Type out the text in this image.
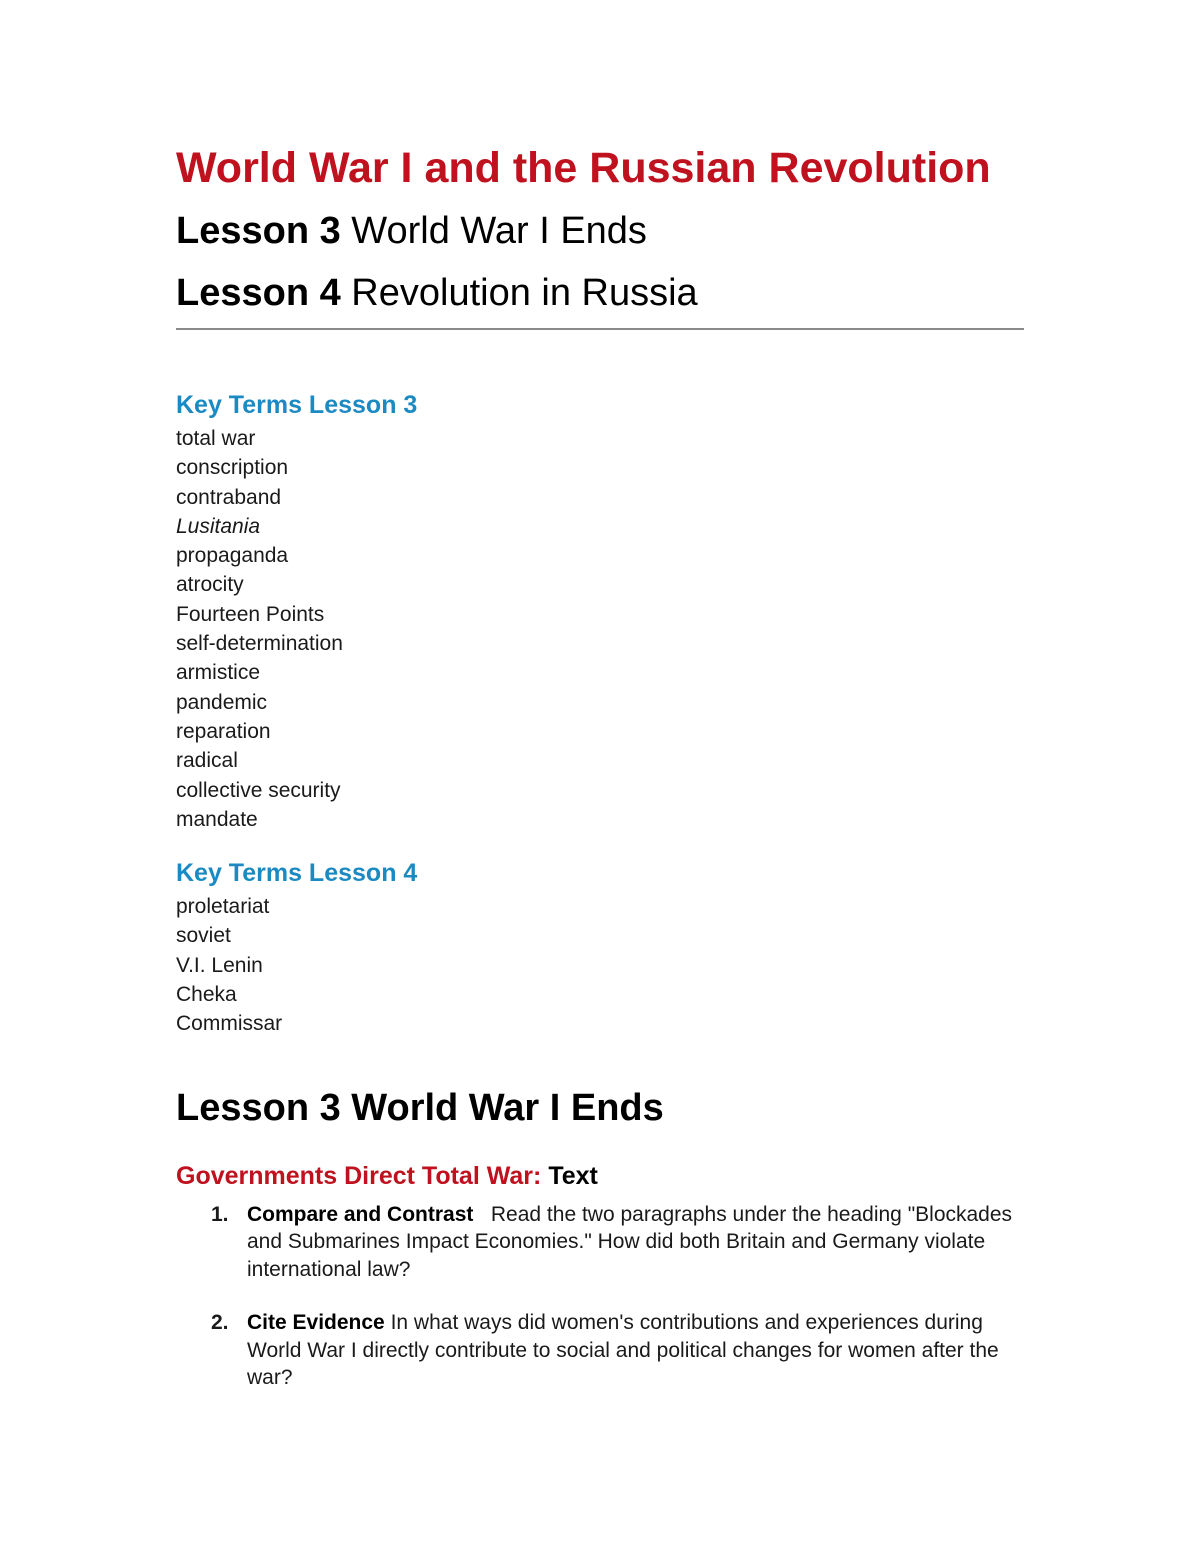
World War I and the Russian Revolution

Lesson 3 World War I Ends

Lesson 4 Revolution in Russia

Key Terms Lesson 3
total war
conscription
contraband
Lusitania
propaganda
atrocity
Fourteen Points
self-determination
armistice
pandemic
reparation
radical
collective security
mandate
Key Terms Lesson 4
proletariat
soviet
V.I. Lenin
Cheka
Commissar
Lesson 3 World War I Ends
Governments Direct Total War: Text
1. Compare and Contrast Read the two paragraphs under the heading "Blockades and Submarines Impact Economies." How did both Britain and Germany violate international law?
2. Cite Evidence In what ways did women's contributions and experiences during World War I directly contribute to social and political changes for women after the war?
